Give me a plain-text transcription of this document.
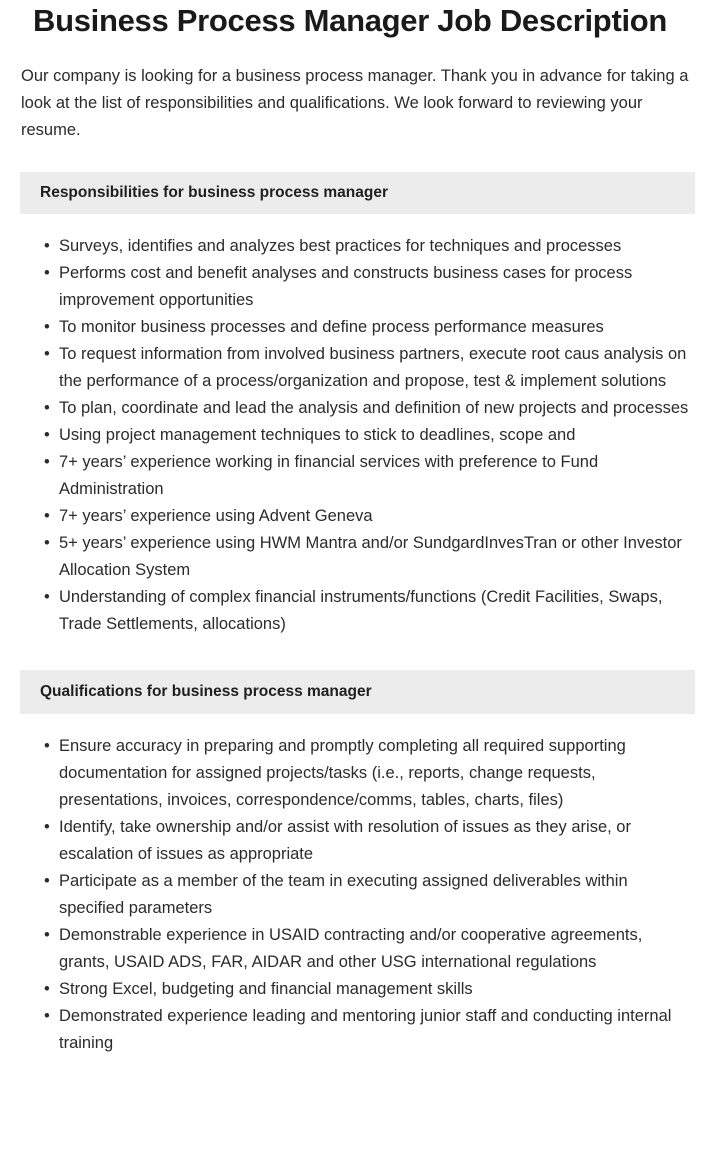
Business Process Manager Job Description

Our company is looking for a business process manager. Thank you in advance for taking a look at the list of responsibilities and qualifications. We look forward to reviewing your resume.

Responsibilities for business process manager
• Surveys, identifies and analyzes best practices for techniques and processes
• Performs cost and benefit analyses and constructs business cases for process improvement opportunities
• To monitor business processes and define process performance measures
• To request information from involved business partners, execute root caus analysis on the performance of a process/organization and propose, test & implement solutions
• To plan, coordinate and lead the analysis and definition of new projects and processes
• Using project management techniques to stick to deadlines, scope and
• 7+ years’ experience working in financial services with preference to Fund Administration
• 7+ years’ experience using Advent Geneva
• 5+ years’ experience using HWM Mantra and/or SundgardInvesTran or other Investor Allocation System
• Understanding of complex financial instruments/functions (Credit Facilities, Swaps, Trade Settlements, allocations)
Qualifications for business process manager
• Ensure accuracy in preparing and promptly completing all required supporting documentation for assigned projects/tasks (i.e., reports, change requests, presentations, invoices, correspondence/comms, tables, charts, files)
• Identify, take ownership and/or assist with resolution of issues as they arise, or escalation of issues as appropriate
• Participate as a member of the team in executing assigned deliverables within specified parameters
• Demonstrable experience in USAID contracting and/or cooperative agreements, grants, USAID ADS, FAR, AIDAR and other USG international regulations
• Strong Excel, budgeting and financial management skills
• Demonstrated experience leading and mentoring junior staff and conducting internal training
